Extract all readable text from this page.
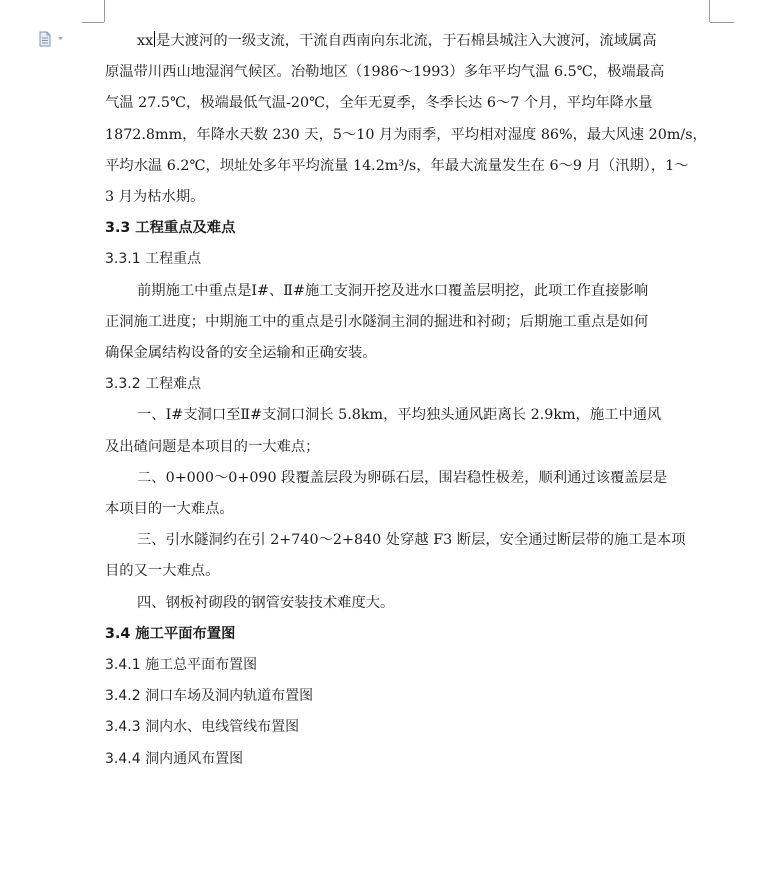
xx 是大渡河的一级支流，干流自西南向东北流，于石棉县城注入大渡河，流域属高

原温带川西山地湿润气候区。冶勒地区（1986～1993）多年平均气温 6.5℃，极端最高

气温 27.5℃，极端最低气温-20℃，全年无夏季，冬季长达 6～7 个月，平均年降水量

1872.8mm，年降水天数 230 天，5～10 月为雨季，平均相对湿度 86%，最大风速 20m/s，

平均水温 6.2℃，坝址处多年平均流量 14.2m³/s，年最大流量发生在 6～9 月（汛期），1～

3 月为枯水期。

3.3 工程重点及难点

3.3.1 工程重点

前期施工中重点是Ⅰ#、Ⅱ#施工支洞开挖及进水口覆盖层明挖，此项工作直接影响

正洞施工进度；中期施工中的重点是引水隧洞主洞的掘进和衬砌；后期施工重点是如何

确保金属结构设备的安全运输和正确安装。

3.3.2 工程难点

一、Ⅰ#支洞口至Ⅱ#支洞口洞长 5.8km，平均独头通风距离长 2.9km，施工中通风

及出碴问题是本项目的一大难点；

二、0+000～0+090 段覆盖层段为卵砾石层，围岩稳性极差，顺利通过该覆盖层是

本项目的一大难点。

三、引水隧洞约在引 2+740～2+840 处穿越 F3 断层，安全通过断层带的施工是本项

目的又一大难点。

四、钢板衬砌段的钢管安装技术难度大。

3.4 施工平面布置图

3.4.1 施工总平面布置图

3.4.2 洞口车场及洞内轨道布置图

3.4.3 洞内水、电线管线布置图

3.4.4 洞内通风布置图
